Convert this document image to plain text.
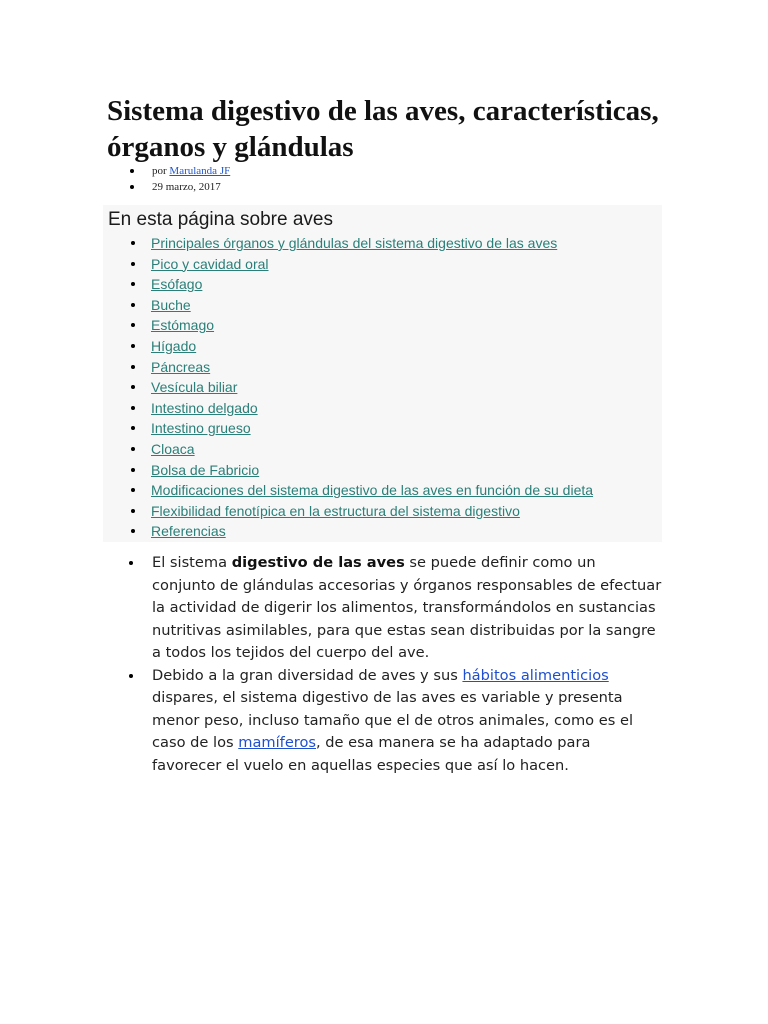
Sistema digestivo de las aves, características, órganos y glándulas
por Marulanda JF
29 marzo, 2017
En esta página sobre aves
Principales órganos y glándulas del sistema digestivo de las aves
Pico y cavidad oral
Esófago
Buche
Estómago
Hígado
Páncreas
Vesícula biliar
Intestino delgado
Intestino grueso
Cloaca
Bolsa de Fabricio
Modificaciones del sistema digestivo de las aves en función de su dieta
Flexibilidad fenotípica en la estructura del sistema digestivo
Referencias
El sistema digestivo de las aves se puede definir como un conjunto de glándulas accesorias y órganos responsables de efectuar la actividad de digerir los alimentos, transformándolos en sustancias nutritivas asimilables, para que estas sean distribuidas por la sangre a todos los tejidos del cuerpo del ave.
Debido a la gran diversidad de aves y sus hábitos alimenticios dispares, el sistema digestivo de las aves es variable y presenta menor peso, incluso tamaño que el de otros animales, como es el caso de los mamíferos, de esa manera se ha adaptado para favorecer el vuelo en aquellas especies que así lo hacen.
